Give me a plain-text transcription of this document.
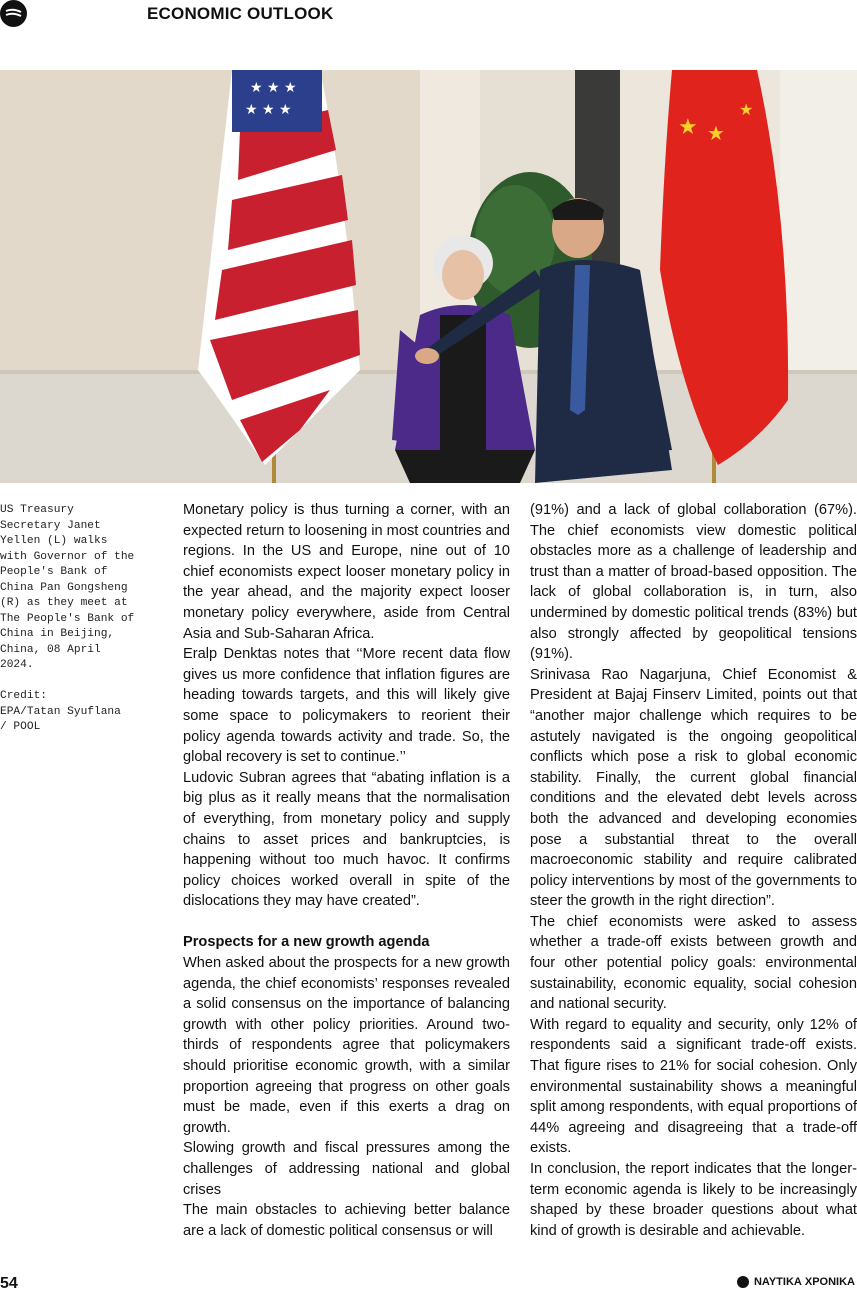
ECONOMIC OUTLOOK
★ ★ ★
★ ★ ★
★ ★
★
US Treasury
Secretary Janet
Yellen (L) walks
with Governor of the
People's Bank of
China Pan Gongsheng
(R) as they meet at
The People's Bank of
China in Beijing,
China, 08 April
2024.

Credit:
EPA/Tatan Syuflana
/ POOL

Monetary policy is thus turning a corner, with an expected return to loosening in most countries and regions. In the US and Europe, nine out of 10 chief economists expect looser monetary policy in the year ahead, and the majority expect looser monetary policy everywhere, aside from Central Asia and Sub-Saharan Africa.

Eralp Denktas notes that ‘‘More recent data flow gives us more confidence that inflation figures are heading towards targets, and this will likely give some space to policymakers to reorient their policy agenda towards activity and trade. So, the global recovery is set to continue.’’

Ludovic Subran agrees that “abating inflation is a big plus as it really means that the normalisation of everything, from monetary policy and supply chains to asset prices and bankruptcies, is happening without too much havoc. It confirms policy choices worked overall in spite of the dislocations they may have created”.

Prospects for a new growth agenda

When asked about the prospects for a new growth agenda, the chief economists’ responses revealed a solid consensus on the importance of balancing growth with other policy priorities. Around two-thirds of respondents agree that policymakers should prioritise economic growth, with a similar proportion agreeing that progress on other goals must be made, even if this exerts a drag on growth.

Slowing growth and fiscal pressures among the challenges of addressing national and global crises

The main obstacles to achieving better balance are a lack of domestic political consensus or will

(91%) and a lack of global collaboration (67%). The chief economists view domestic political obstacles more as a challenge of leadership and trust than a matter of broad-based opposition. The lack of global collaboration is, in turn, also undermined by domestic political trends (83%) but also strongly affected by geopolitical tensions (91%).

Srinivasa Rao Nagarjuna, Chief Economist & President at Bajaj Finserv Limited, points out that “another major challenge which requires to be astutely navigated is the ongoing geopolitical conflicts which pose a risk to global economic stability. Finally, the current global financial conditions and the elevated debt levels across both the advanced and developing economies pose a substantial threat to the overall macroeconomic stability and require calibrated policy interventions by most of the governments to steer the growth in the right direction”.

The chief economists were asked to assess whether a trade-off exists between growth and four other potential policy goals: environmental sustainability, economic equality, social cohesion and national security.

With regard to equality and security, only 12% of respondents said a significant trade-off exists. That figure rises to 21% for social cohesion. Only environmental sustainability shows a meaningful split among respondents, with equal proportions of 44% agreeing and disagreeing that a trade-off exists.

In conclusion, the report indicates that the longer-term economic agenda is likely to be increasingly shaped by these broader questions about what kind of growth is desirable and achievable.

54	ΝΑΥΤΙΚΑ ΧΡΟΝΙΚΑ
